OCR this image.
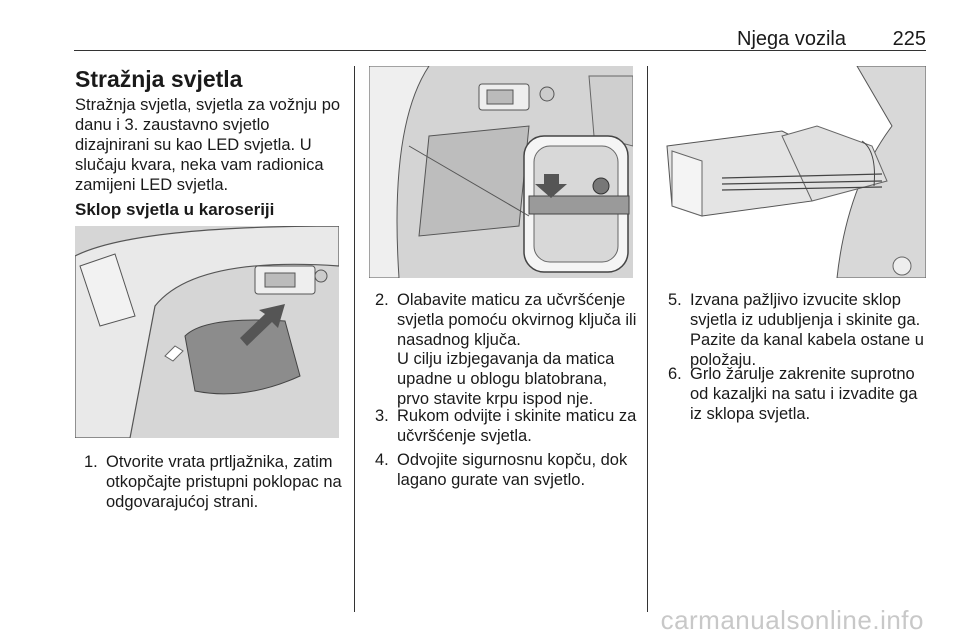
Njega vozila 225
Stražnja svjetla
Stražnja svjetla, svjetla za vožnju po danu i 3. zaustavno svjetlo dizajnirani su kao LED svjetla. U slučaju kvara, neka vam radionica zamijeni LED svjetla.
Sklop svjetla u karoseriji
1. Otvorite vrata prtljažnika, zatim otkopčajte pristupni poklopac na odgovarajućoj strani.
2. Olabavite maticu za učvršćenje svjetla pomoću okvirnog ključa ili nasadnog ključa.
U cilju izbjegavanja da matica upadne u oblogu blatobrana, prvo stavite krpu ispod nje.
3. Rukom odvijte i skinite maticu za učvršćenje svjetla.
4. Odvojite sigurnosnu kopču, dok lagano gurate van svjetlo.
5. Izvana pažljivo izvucite sklop svjetla iz udubljenja i skinite ga. Pazite da kanal kabela ostane u položaju.
6. Grlo žarulje zakrenite suprotno od kazaljki na satu i izvadite ga iz sklopa svjetla.
carmanualsonline.info
